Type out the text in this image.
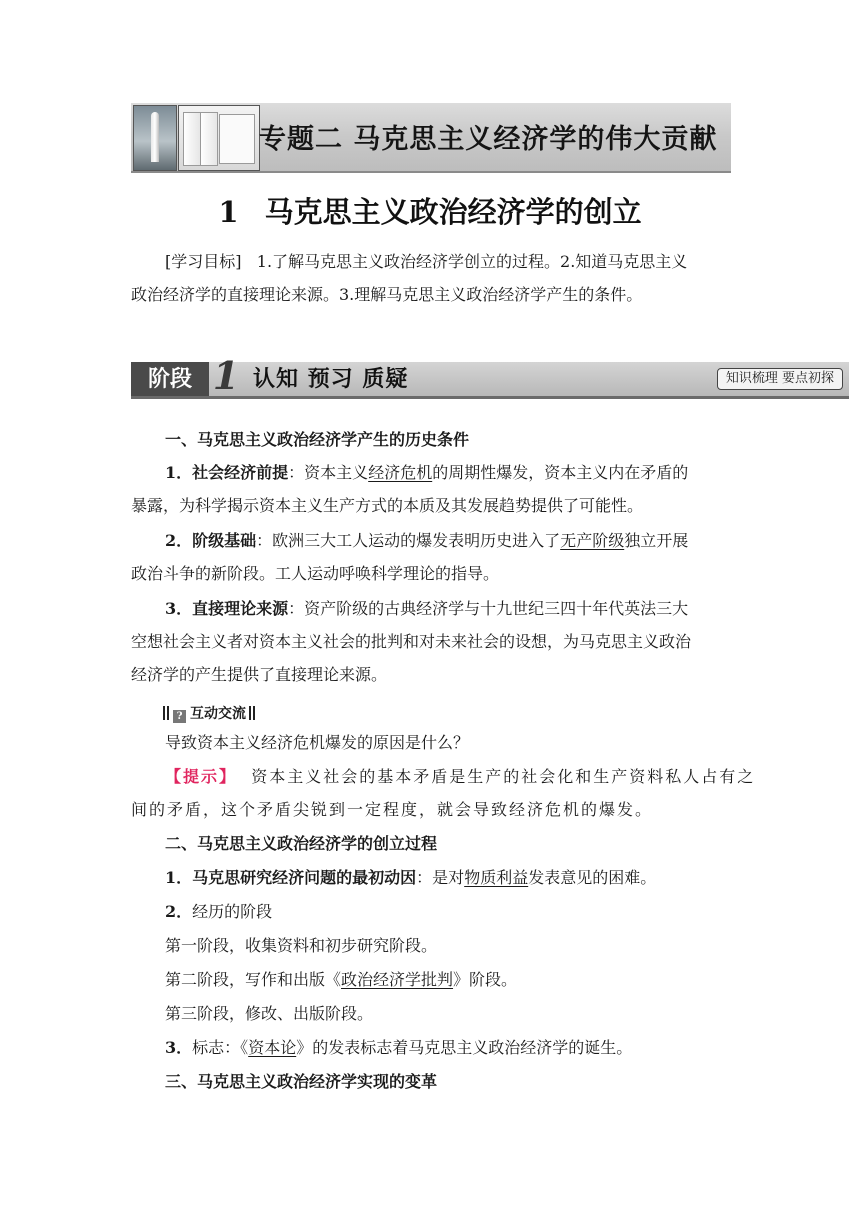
专题二 马克思主义经济学的伟大贡献
1 马克思主义政治经济学的创立
[学习目标] 1.了解马克思主义政治经济学创立的过程。2.知道马克思主义
政治经济学的直接理论来源。3.理解马克思主义政治经济学产生的条件。
阶段 1 认知 预习 质疑	知识梳理 要点初探
一、马克思主义政治经济学产生的历史条件
1．社会经济前提：资本主义经济危机的周期性爆发，资本主义内在矛盾的
暴露，为科学揭示资本主义生产方式的本质及其发展趋势提供了可能性。
2．阶级基础：欧洲三大工人运动的爆发表明历史进入了无产阶级独立开展
政治斗争的新阶段。工人运动呼唤科学理论的指导。
3．直接理论来源：资产阶级的古典经济学与十九世纪三四十年代英法三大
空想社会主义者对资本主义社会的批判和对未来社会的设想，为马克思主义政治
经济学的产生提供了直接理论来源。
? 互动交流
导致资本主义经济危机爆发的原因是什么？
【提示】 资本主义社会的基本矛盾是生产的社会化和生产资料私人占有之
间的矛盾，这个矛盾尖锐到一定程度，就会导致经济危机的爆发。
二、马克思主义政治经济学的创立过程
1．马克思研究经济问题的最初动因：是对物质利益发表意见的困难。
2．经历的阶段
第一阶段，收集资料和初步研究阶段。
第二阶段，写作和出版《政治经济学批判》阶段。
第三阶段，修改、出版阶段。
3．标志：《资本论》的发表标志着马克思主义政治经济学的诞生。
三、马克思主义政治经济学实现的变革
